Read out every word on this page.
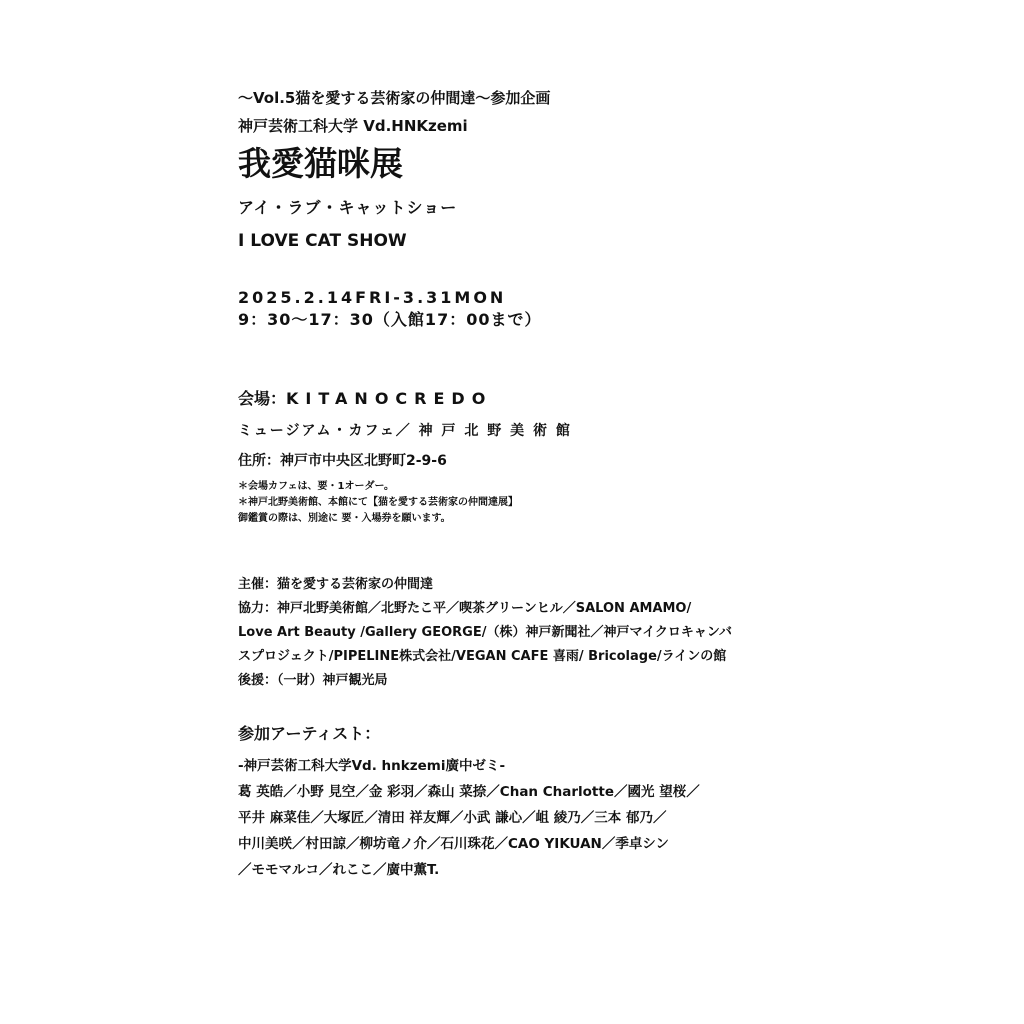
〜Vol.5猫を愛する芸術家の仲間達〜参加企画

神戸芸術工科大学 Vd.HNKzemi

我愛猫咪展

アイ・ラブ・キャットショー

I LOVE CAT SHOW

2025.2.14FRI-3.31MON

9：30〜17：30（入館17：00まで）

会場：KITANOCREDO

ミュージアム・カフェ／ 神 戸 北 野 美 術 館

住所：神戸市中央区北野町2-9-6

＊会場カフェは、要・1オーダー。

＊神戸北野美術館、本館にて【猫を愛する芸術家の仲間達展】

御鑑賞の際は、別途に 要・入場券を願います。

主催：猫を愛する芸術家の仲間達

協力：神戸北野美術館／北野たこ平／喫茶グリーンヒル／SALON AMAMO/

Love Art Beauty /Gallery GEORGE/（株）神戸新聞社／神戸マイクロキャンバ

スプロジェクト/PIPELINE株式会社/VEGAN CAFE 喜雨/ Bricolage/ラインの館

後援：（一財）神戸観光局

参加アーティスト：

-神戸芸術工科大学Vd. hnkzemi廣中ゼミ-

葛 英皓／小野 見空／金 彩羽／森山 菜捺／Chan Charlotte／國光 望桜／

平井 麻菜佳／大塚匠／清田 祥友輝／小武 謙心／岨 綾乃／三本 郁乃／

中川美咲／村田諒／柳坊竜ノ介／石川珠花／CAO YIKUAN／季卓シン

／モモマルコ／れここ／廣中薫T.
